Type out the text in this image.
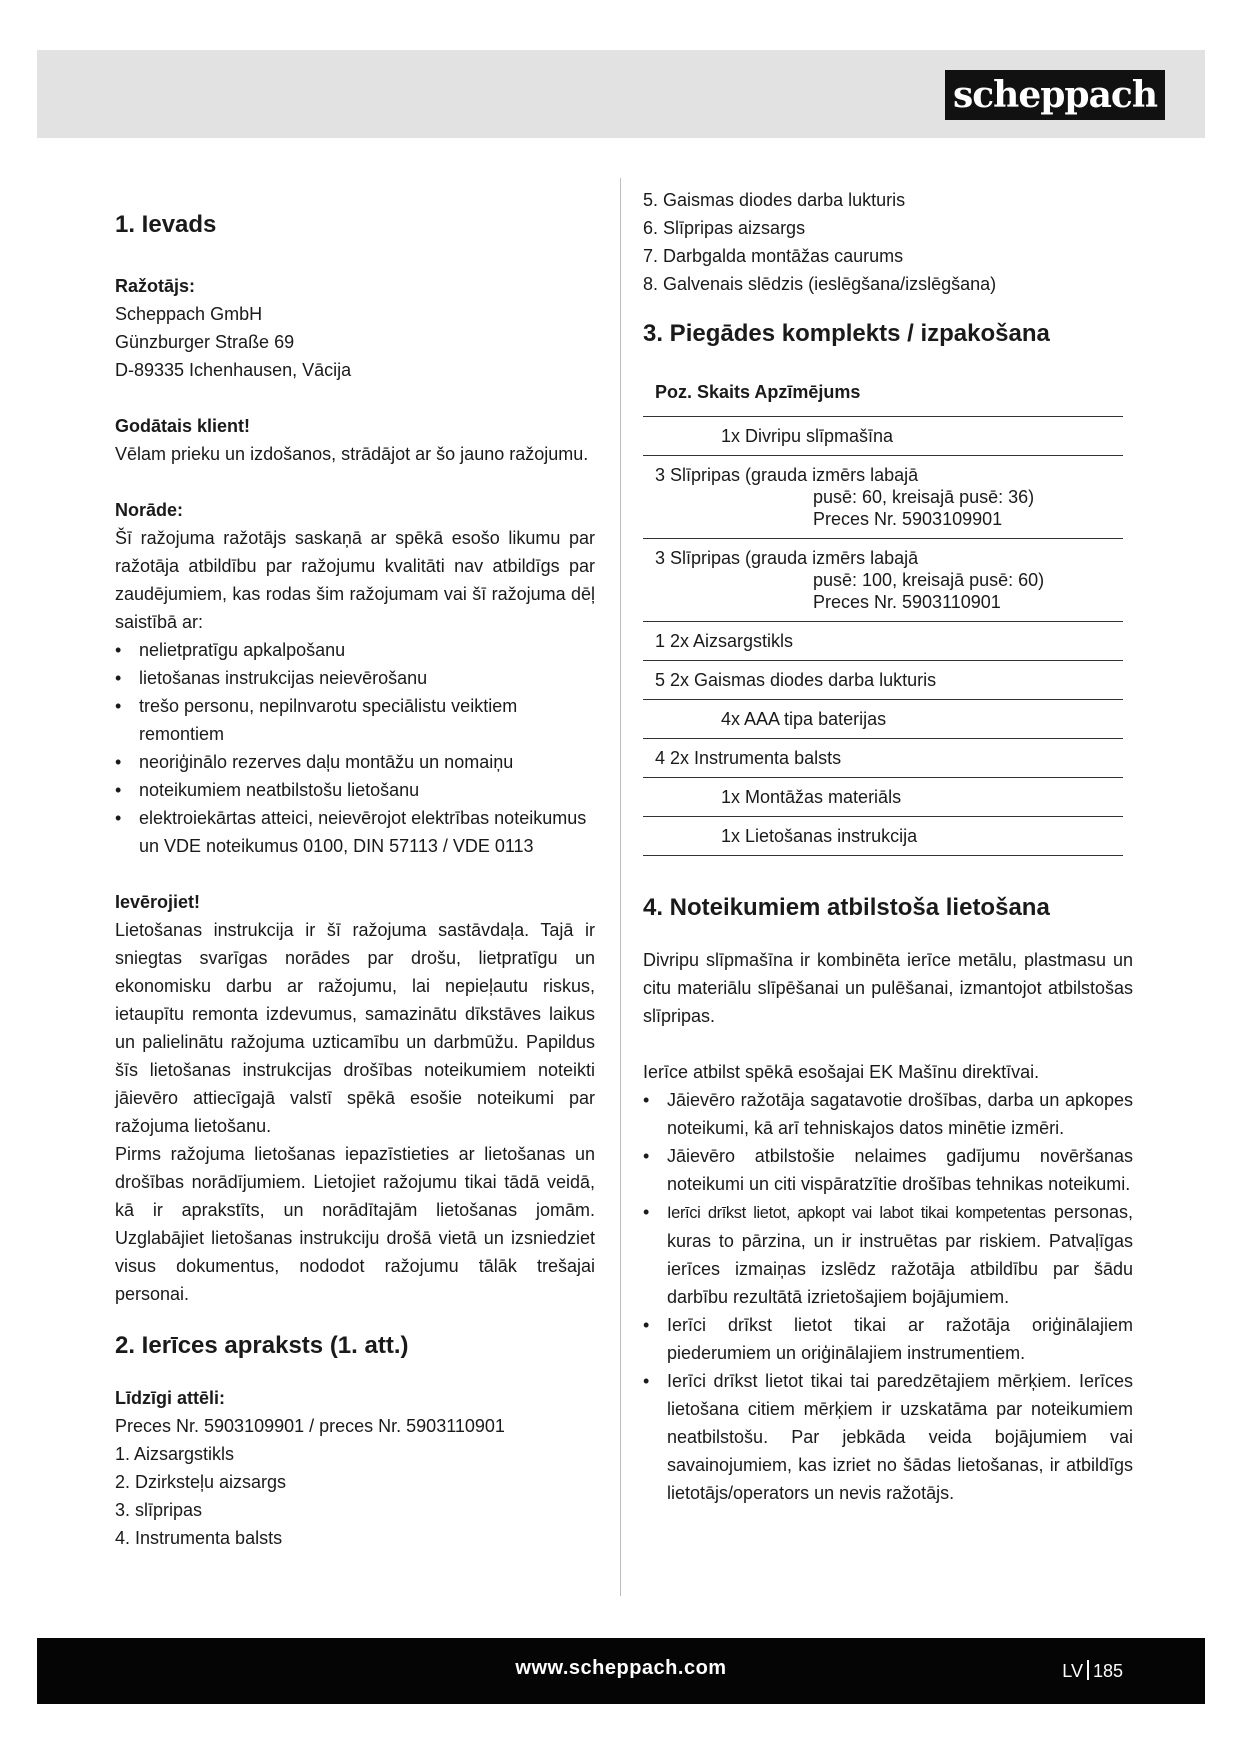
scheppach
1. Ievads
Ražotājs:
Scheppach GmbH
Günzburger Straße 69
D-89335 Ichenhausen, Vācija
Godātais klient!
Vēlam prieku un izdošanos, strādājot ar šo jauno ražojumu.
Norāde:
Šī ražojuma ražotājs saskaņā ar spēkā esošo likumu par ražotāja atbildību par ražojumu kvalitāti nav atbildīgs par zaudējumiem, kas rodas šim ražojumam vai šī ražojuma dēļ saistībā ar:
• nelietpratīgu apkalpošanu
• lietošanas instrukcijas neievērošanu
• trešo personu, nepilnvarotu speciālistu veiktiem remontiem
• neoriģinālo rezerves daļu montāžu un nomaiņu
• noteikumiem neatbilstošu lietošanu
• elektroiekārtas atteici, neievērojot elektrības noteikumus un VDE noteikumus 0100, DIN 57113 / VDE 0113
Ievērojiet!
Lietošanas instrukcija ir šī ražojuma sastāvdaļa. Tajā ir sniegtas svarīgas norādes par drošu, lietpratīgu un ekonomisku darbu ar ražojumu, lai nepieļautu riskus, ietaupītu remonta izdevumus, samazinātu dīkstāves laikus un palielinātu ražojuma uzticamību un darbmūžu. Papildus šīs lietošanas instrukcijas drošības noteikumiem noteikti jāievēro attiecīgajā valstī spēkā esošie noteikumi par ražojuma lietošanu.
Pirms ražojuma lietošanas iepazīstieties ar lietošanas un drošības norādījumiem. Lietojiet ražojumu tikai tādā veidā, kā ir aprakstīts, un norādītajām lietošanas jomām. Uzglabājiet lietošanas instrukciju drošā vietā un izsniedziet visus dokumentus, nododot ražojumu tālāk trešajai personai.
2. Ierīces apraksts (1. att.)
Līdzīgi attēli:
Preces Nr. 5903109901 / preces Nr. 5903110901
1. Aizsargstikls
2. Dzirksteļu aizsargs
3. slīpripas
4. Instrumenta balsts
5. Gaismas diodes darba lukturis
6. Slīpripas aizsargs
7. Darbgalda montāžas caurums
8. Galvenais slēdzis (ieslēgšana/izslēgšana)
3. Piegādes komplekts / izpakošana
Poz. Skaits Apzīmējums
1x Divripu slīpmašīna
3 Slīpripas (grauda izmērs labajā
pusē: 60, kreisajā pusē: 36)
Preces Nr. 5903109901

3 Slīpripas (grauda izmērs labajā
pusē: 100, kreisajā pusē: 60)
Preces Nr. 5903110901

1 2x Aizsargstikls
5 2x Gaismas diodes darba lukturis
4x AAA tipa baterijas
4 2x Instrumenta balsts
1x Montāžas materiāls
1x Lietošanas instrukcija
4. Noteikumiem atbilstoša lietošana
Divripu slīpmašīna ir kombinēta ierīce metālu, plastmasu un citu materiālu slīpēšanai un pulēšanai, izmantojot atbilstošas slīpripas.
Ierīce atbilst spēkā esošajai EK Mašīnu direktīvai.
• Jāievēro ražotāja sagatavotie drošības, darba un apkopes noteikumi, kā arī tehniskajos datos minētie izmēri.
• Jāievēro atbilstošie nelaimes gadījumu novēršanas noteikumi un citi vispāratzītie drošības tehnikas noteikumi.
• Ierīci drīkst lietot, apkopt vai labot tikai kompetentas personas, kuras to pārzina, un ir instruētas par riskiem. Patvaļīgas ierīces izmaiņas izslēdz ražotāja atbildību par šādu darbību rezultātā izrietošajiem bojājumiem.
• Ierīci drīkst lietot tikai ar ražotāja oriģinālajiem piederumiem un oriģinālajiem instrumentiem.
• Ierīci drīkst lietot tikai tai paredzētajiem mērķiem. Ierīces lietošana citiem mērķiem ir uzskatāma par noteikumiem neatbilstošu. Par jebkāda veida bojājumiem vai savainojumiem, kas izriet no šādas lietošanas, ir atbildīgs lietotājs/operators un nevis ražotājs.
www.scheppach.com	LV 185
